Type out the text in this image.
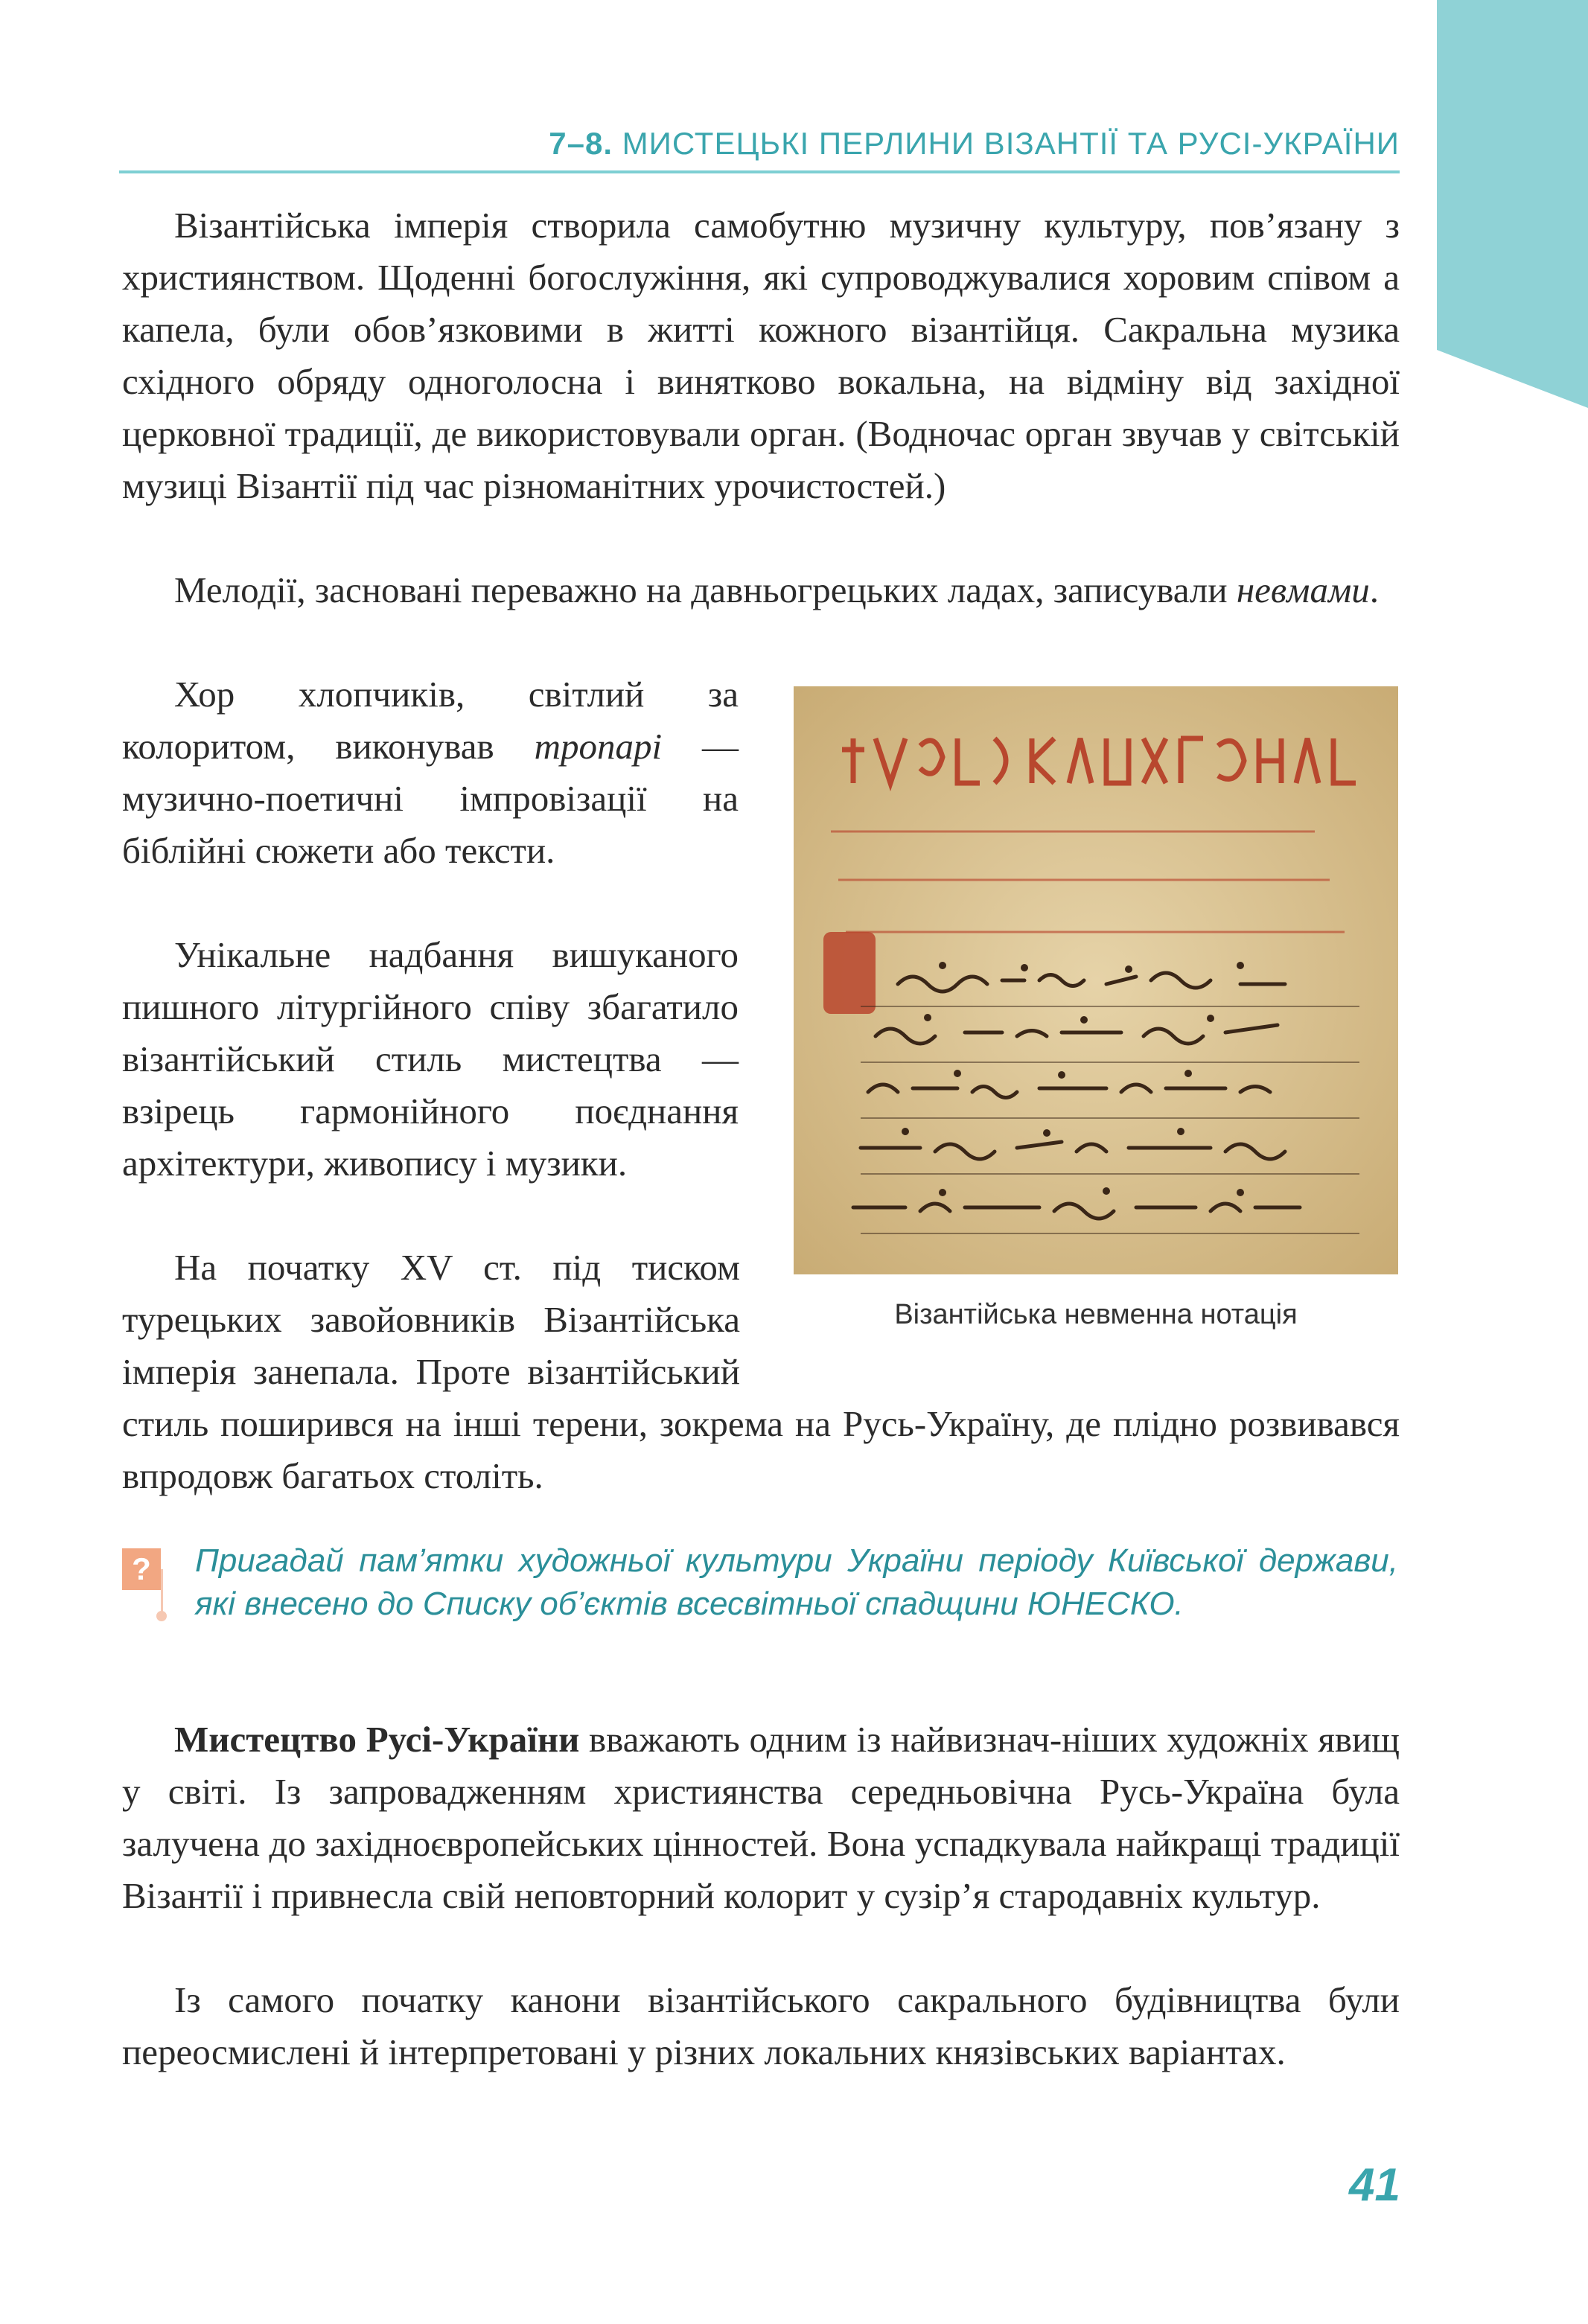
7–8. МИСТЕЦЬКІ ПЕРЛИНИ ВІЗАНТІЇ ТА РУСІ-УКРАЇНИ

Візантійська імперія створила самобутню музичну культуру, пов’язану з християнством. Щоденні богослужіння, які супроводжувалися хоровим співом а капела, були обов’язковими в житті кожного візантійця. Сакральна музика східного обряду одноголосна і винятково вокальна, на відміну від західної церковної традиції, де використовували орган. (Водночас орган звучав у світській музиці Візантії під час різноманітних урочистостей.)

Мелодії, засновані переважно на давньогрецьких ладах, записували невмами.

Хор хлопчиків, світлий за колоритом, виконував тропарі — музично-поетичні імпровізації на біблійні сюжети або тексти.

Унікальне надбання вишуканого пишного літургійного співу збагатило візантійський стиль мистецтва — взірець гармонійного поєднання архітектури, живопису і музики.

На початку XV ст. під тиском турецьких завойовників Візантійська імперія занепала. Проте візантійський стиль поширився на інші терени, зокрема на Русь-Україну, де плідно розвивався впродовж багатьох століть.

Візантійська невменна нотація
? Пригадай пам’ятки художньої культури України періоду Київської держави, які внесено до Списку об’єктів всесвітньої спадщини ЮНЕСКО.

Мистецтво Русі-України вважають одним із найвизнач-ніших художніх явищ у світі. Із запровадженням християнства середньовічна Русь-Україна була залучена до західноєвропейських цінностей. Вона успадкувала найкращі традиції Візантії і привнесла свій неповторний колорит у сузір’я стародавніх культур.

Із самого початку канони візантійського сакрального будівництва були переосмислені й інтерпретовані у різних локальних князівських варіантах.

41
